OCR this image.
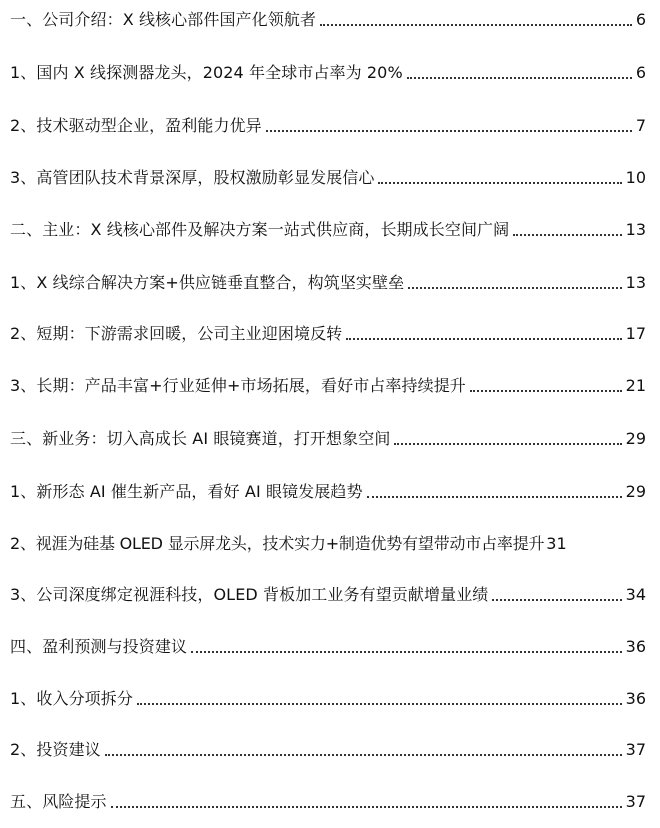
一、公司介绍：X 线核心部件国产化领航者	6
1、国内 X 线探测器龙头，2024 年全球市占率为 20%	6
2、技术驱动型企业，盈利能力优异	7
3、高管团队技术背景深厚，股权激励彰显发展信心	10
二、主业：X 线核心部件及解决方案一站式供应商，长期成长空间广阔	13
1、X 线综合解决方案+供应链垂直整合，构筑坚实壁垒	13
2、短期：下游需求回暖，公司主业迎困境反转	17
3、长期：产品丰富+行业延伸+市场拓展，看好市占率持续提升	21
三、新业务：切入高成长 AI 眼镜赛道，打开想象空间	29
1、新形态 AI 催生新产品，看好 AI 眼镜发展趋势	29
2、视涯为硅基 OLED 显示屏龙头，技术实力+制造优势有望带动市占率提升 31
3、公司深度绑定视涯科技，OLED 背板加工业务有望贡献增量业绩	34
四、盈利预测与投资建议	36
1、收入分项拆分	36
2、投资建议	37
五、风险提示	37
